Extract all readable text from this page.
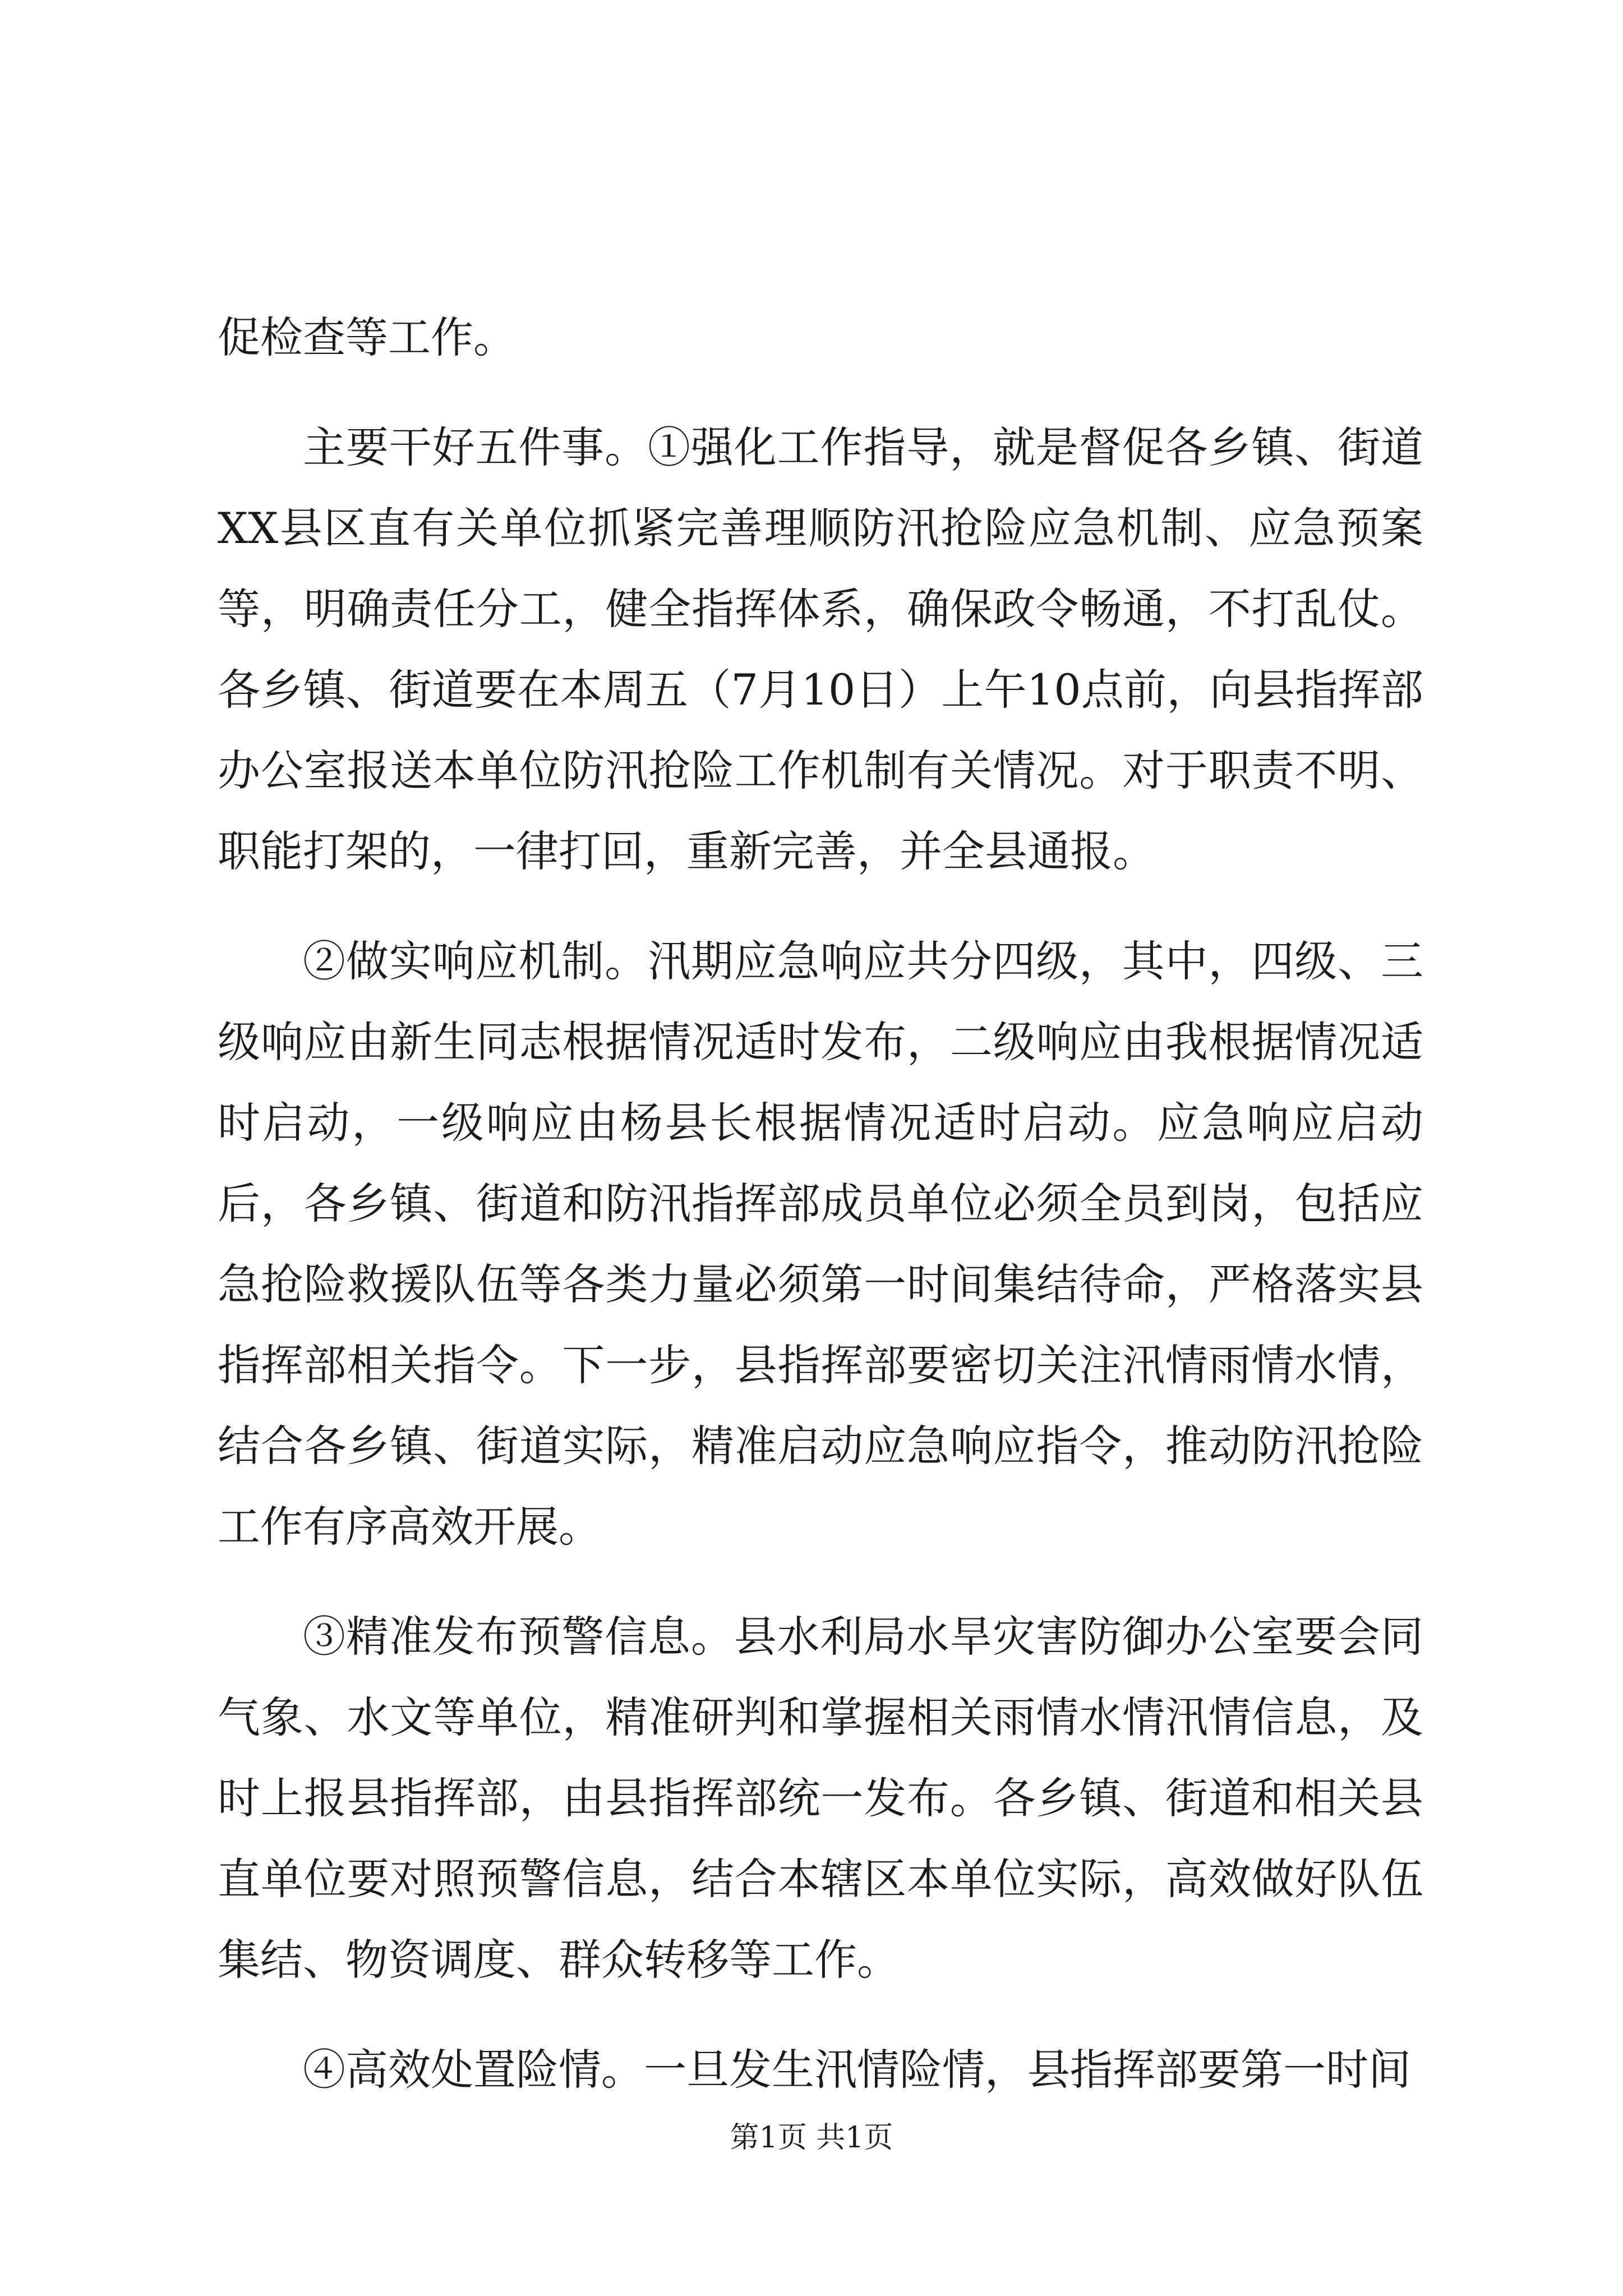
促检查等工作。

主要干好五件事。①强化工作指导，就是督促各乡镇、街道XX县区直有关单位抓紧完善理顺防汛抢险应急机制、应急预案等，明确责任分工，健全指挥体系，确保政令畅通，不打乱仗。各乡镇、街道要在本周五（7月10日）上午10点前，向县指挥部办公室报送本单位防汛抢险工作机制有关情况。对于职责不明、职能打架的，一律打回，重新完善，并全县通报。

②做实响应机制。汛期应急响应共分四级，其中，四级、三级响应由新生同志根据情况适时发布，二级响应由我根据情况适时启动，一级响应由杨县长根据情况适时启动。应急响应启动后，各乡镇、街道和防汛指挥部成员单位必须全员到岗，包括应急抢险救援队伍等各类力量必须第一时间集结待命，严格落实县指挥部相关指令。下一步，县指挥部要密切关注汛情雨情水情，结合各乡镇、街道实际，精准启动应急响应指令，推动防汛抢险工作有序高效开展。

③精准发布预警信息。县水利局水旱灾害防御办公室要会同气象、水文等单位，精准研判和掌握相关雨情水情汛情信息，及时上报县指挥部，由县指挥部统一发布。各乡镇、街道和相关县直单位要对照预警信息，结合本辖区本单位实际，高效做好队伍集结、物资调度、群众转移等工作。

④高效处置险情。一旦发生汛情险情，县指挥部要第一时间

第1页 共1页
